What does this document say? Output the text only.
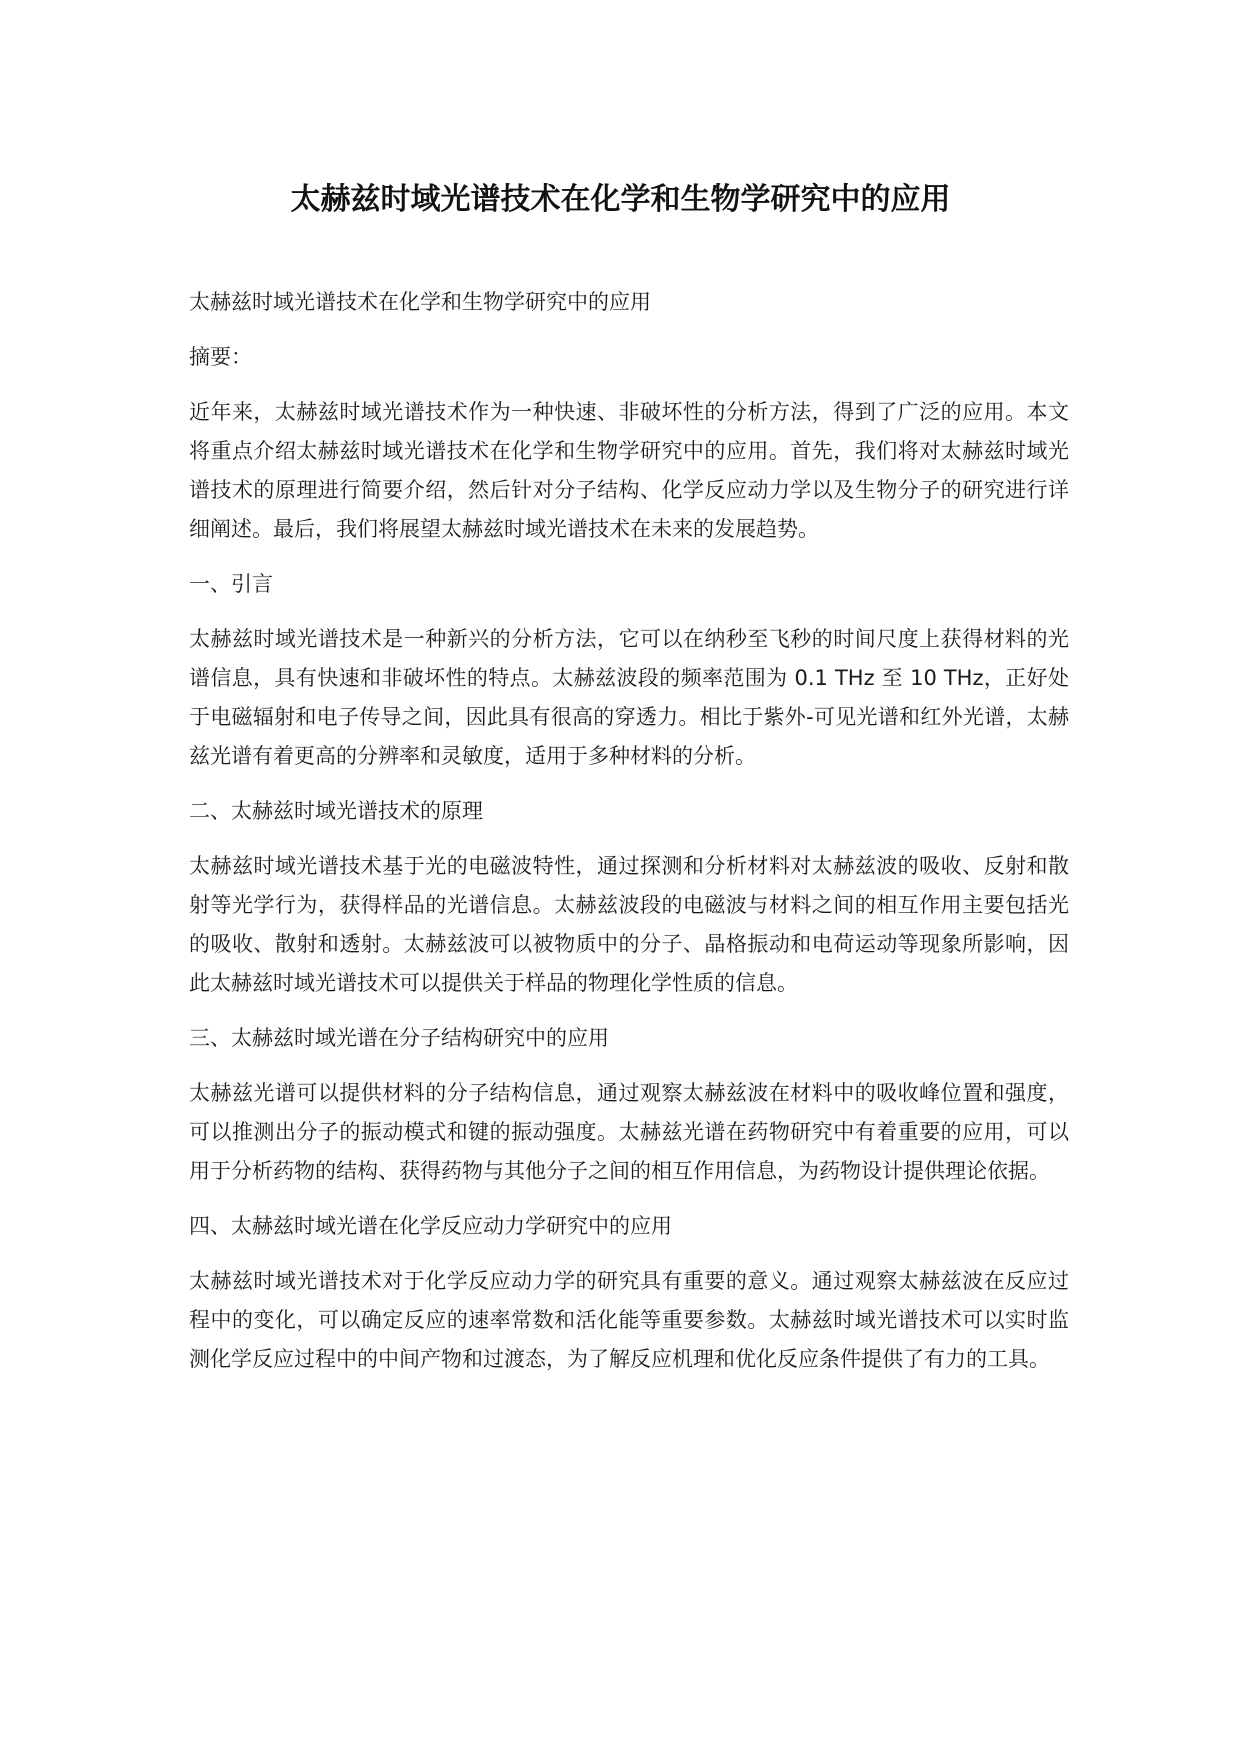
太赫兹时域光谱技术在化学和生物学研究中的应用

太赫兹时域光谱技术在化学和生物学研究中的应用

摘要：

近年来，太赫兹时域光谱技术作为一种快速、非破坏性的分析方法，得到了广泛的应用。本文将重点介绍太赫兹时域光谱技术在化学和生物学研究中的应用。首先，我们将对太赫兹时域光谱技术的原理进行简要介绍，然后针对分子结构、化学反应动力学以及生物分子的研究进行详细阐述。最后，我们将展望太赫兹时域光谱技术在未来的发展趋势。

一、引言

太赫兹时域光谱技术是一种新兴的分析方法，它可以在纳秒至飞秒的时间尺度上获得材料的光谱信息，具有快速和非破坏性的特点。太赫兹波段的频率范围为 0.1 THz 至 10 THz，正好处于电磁辐射和电子传导之间，因此具有很高的穿透力。相比于紫外-可见光谱和红外光谱，太赫兹光谱有着更高的分辨率和灵敏度，适用于多种材料的分析。

二、太赫兹时域光谱技术的原理

太赫兹时域光谱技术基于光的电磁波特性，通过探测和分析材料对太赫兹波的吸收、反射和散射等光学行为，获得样品的光谱信息。太赫兹波段的电磁波与材料之间的相互作用主要包括光的吸收、散射和透射。太赫兹波可以被物质中的分子、晶格振动和电荷运动等现象所影响，因此太赫兹时域光谱技术可以提供关于样品的物理化学性质的信息。

三、太赫兹时域光谱在分子结构研究中的应用

太赫兹光谱可以提供材料的分子结构信息，通过观察太赫兹波在材料中的吸收峰位置和强度，可以推测出分子的振动模式和键的振动强度。太赫兹光谱在药物研究中有着重要的应用，可以用于分析药物的结构、获得药物与其他分子之间的相互作用信息，为药物设计提供理论依据。

四、太赫兹时域光谱在化学反应动力学研究中的应用

太赫兹时域光谱技术对于化学反应动力学的研究具有重要的意义。通过观察太赫兹波在反应过程中的变化，可以确定反应的速率常数和活化能等重要参数。太赫兹时域光谱技术可以实时监测化学反应过程中的中间产物和过渡态，为了解反应机理和优化反应条件提供了有力的工具。
